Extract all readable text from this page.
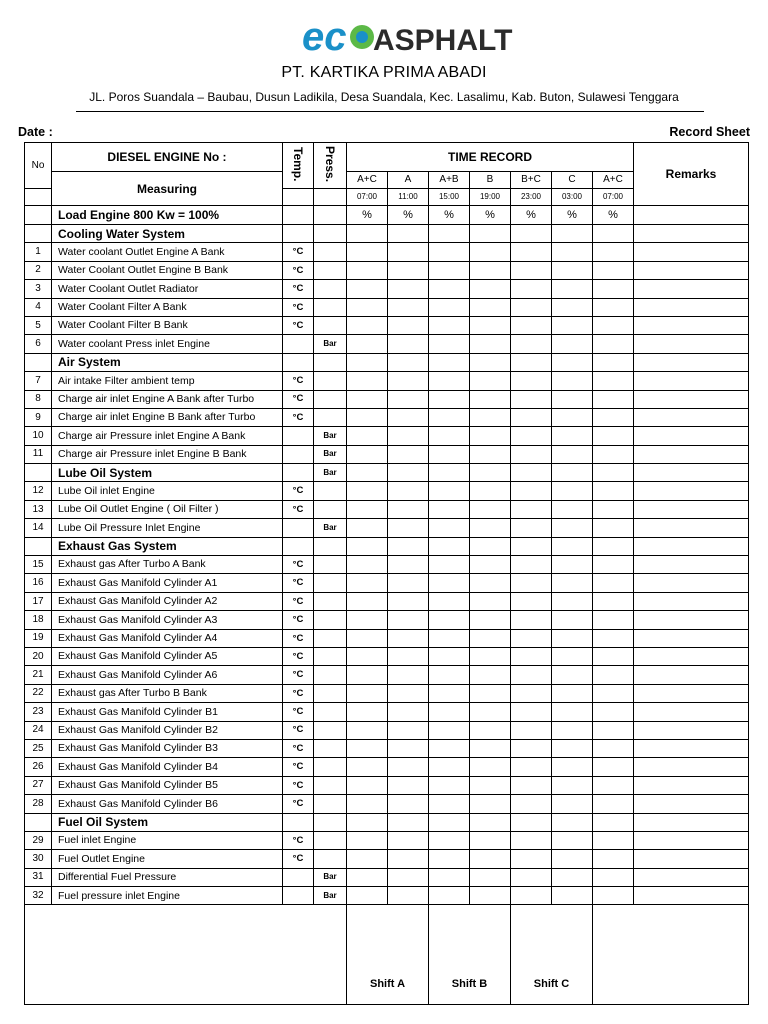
ec ASPHALT
PT. KARTIKA PRIMA ABADI
JL. Poros Suandala – Baubau, Dusun Ladikila, Desa Suandala, Kec. Lasalimu, Kab. Buton, Sulawesi Tenggara
Date :	Record Sheet
No	DIESEL ENGINE No :	Temp.	Press.	TIME RECORD							Remarks
	Measuring			A+C	A	A+B	B	B+C	C	A+C	
				07:00	11:00	15:00	19:00	23:00	03:00	07:00	
	Load Engine 800 Kw = 100%			%	%	%	%	%	%	%	
	Cooling Water System										
1	Water coolant Outlet Engine A Bank	°C									
2	Water Coolant Outlet Engine B Bank	°C									
3	Water Coolant Outlet Radiator	°C									
4	Water Coolant Filter A Bank	°C									
5	Water Coolant Filter B Bank	°C									
6	Water coolant Press inlet Engine		Bar								
	Air System										
7	Air intake Filter ambient temp	°C									
8	Charge air inlet Engine A Bank after Turbo	°C									
9	Charge air inlet Engine B Bank after Turbo	°C									
10	Charge air Pressure inlet Engine A Bank		Bar								
11	Charge air Pressure inlet Engine B Bank		Bar								
	Lube Oil System		Bar								
12	Lube Oil inlet Engine	°C									
13	Lube Oil Outlet Engine ( Oil Filter )	°C									
14	Lube Oil Pressure Inlet Engine		Bar								
	Exhaust Gas System										
15	Exhaust gas After Turbo A Bank	°C									
16	Exhaust Gas Manifold Cylinder A1	°C									
17	Exhaust Gas Manifold Cylinder A2	°C									
18	Exhaust Gas Manifold Cylinder A3	°C									
19	Exhaust Gas Manifold Cylinder A4	°C									
20	Exhaust Gas Manifold Cylinder A5	°C									
21	Exhaust Gas Manifold Cylinder A6	°C									
22	Exhaust gas After Turbo B Bank	°C									
23	Exhaust Gas Manifold Cylinder B1	°C									
24	Exhaust Gas Manifold Cylinder B2	°C									
25	Exhaust Gas Manifold Cylinder B3	°C									
26	Exhaust Gas Manifold Cylinder B4	°C									
27	Exhaust Gas Manifold Cylinder B5	°C									
28	Exhaust Gas Manifold Cylinder B6	°C									
	Fuel Oil System										
29	Fuel inlet Engine	°C									
30	Fuel Outlet Engine	°C									
31	Differential Fuel Pressure		Bar								
32	Fuel pressure inlet Engine		Bar								
				Shift A		Shift B		Shift C			
